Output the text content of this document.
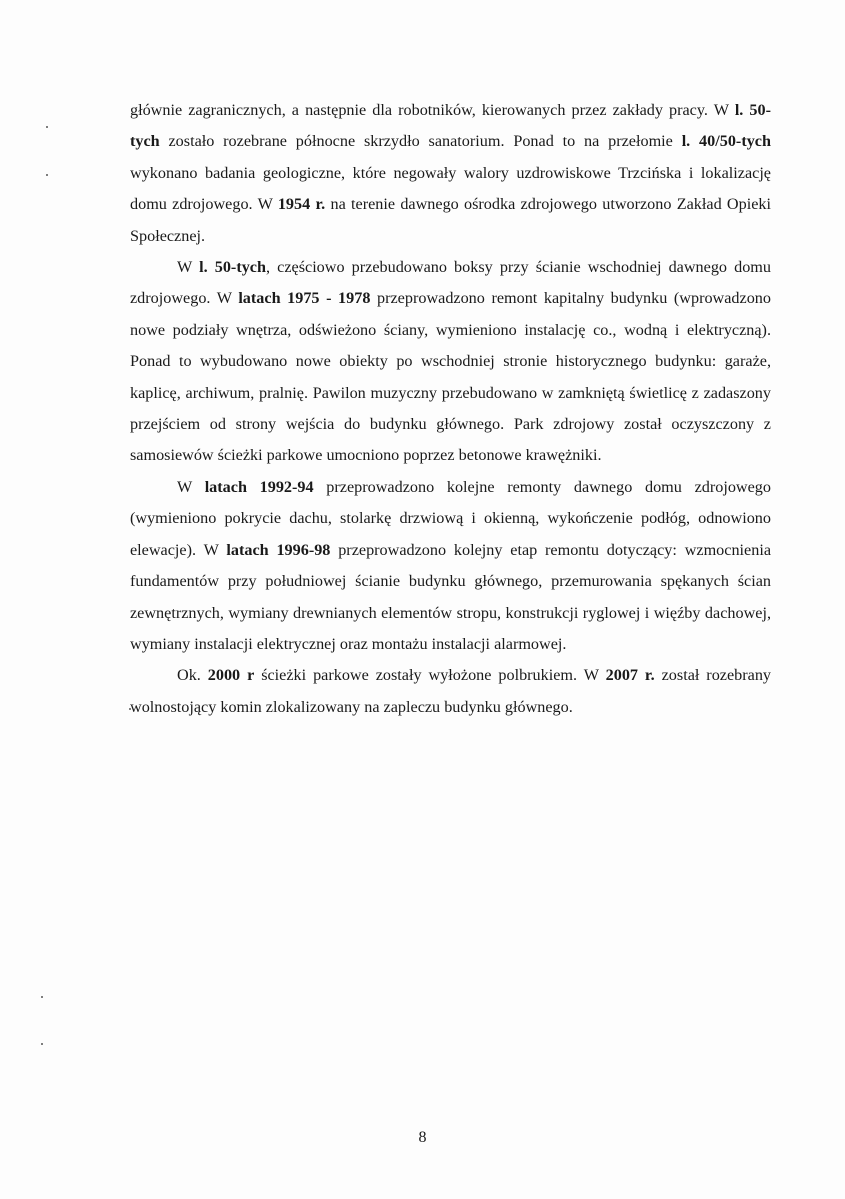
głównie zagranicznych, a następnie dla robotników, kierowanych przez zakłady pracy. W l. 50-tych zostało rozebrane północne skrzydło sanatorium. Ponad to na przełomie l. 40/50-tych wykonano badania geologiczne, które negowały walory uzdrowiskowe Trzcińska i lokalizację domu zdrojowego. W 1954 r. na terenie dawnego ośrodka zdrojowego utworzono Zakład Opieki Społecznej.

W l. 50-tych, częściowo przebudowano boksy przy ścianie wschodniej dawnego domu zdrojowego. W latach 1975 - 1978 przeprowadzono remont kapitalny budynku (wprowadzono nowe podziały wnętrza, odświeżono ściany, wymieniono instalację co., wodną i elektryczną). Ponad to wybudowano nowe obiekty po wschodniej stronie historycznego budynku: garaże, kaplicę, archiwum, pralnię. Pawilon muzyczny przebudowano w zamkniętą świetlicę z zadaszony przejściem od strony wejścia do budynku głównego. Park zdrojowy został oczyszczony z samosiewów ścieżki parkowe umocniono poprzez betonowe krawężniki.

W latach 1992-94 przeprowadzono kolejne remonty dawnego domu zdrojowego (wymieniono pokrycie dachu, stolarkę drzwiową i okienną, wykończenie podłóg, odnowiono elewacje). W latach 1996-98 przeprowadzono kolejny etap remontu dotyczący: wzmocnienia fundamentów przy południowej ścianie budynku głównego, przemurowania spękanych ścian zewnętrznych, wymiany drewnianych elementów stropu, konstrukcji ryglowej i więźby dachowej, wymiany instalacji elektrycznej oraz montażu instalacji alarmowej.

Ok. 2000 r ścieżki parkowe zostały wyłożone polbrukiem. W 2007 r. został rozebrany wolnostojący komin zlokalizowany na zapleczu budynku głównego.

8
